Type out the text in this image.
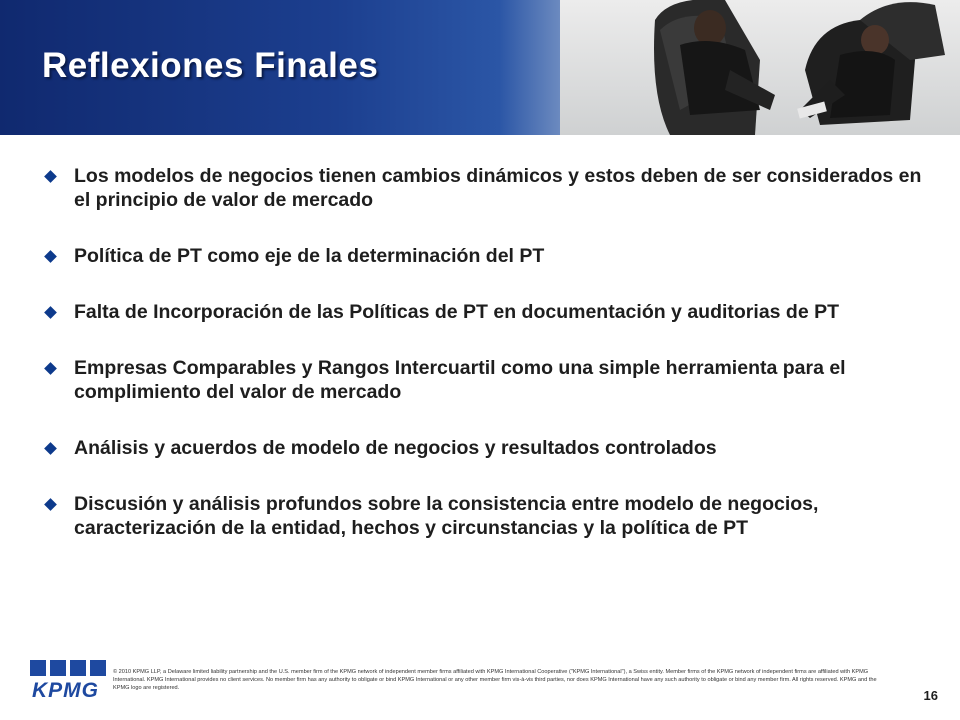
Reflexiones Finales
Los modelos de negocios tienen cambios dinámicos y estos deben de ser considerados en el principio de valor de mercado
Política de PT como eje de la determinación del PT
Falta de Incorporación de las Políticas de PT en documentación y auditorias de PT
Empresas Comparables y Rangos Intercuartil como una simple herramienta para el complimiento del valor de mercado
Análisis y acuerdos de modelo de negocios y resultados controlados
Discusión y análisis profundos sobre la consistencia entre modelo de negocios, caracterización de la entidad, hechos y circunstancias y la política de PT
KPMG
© 2010 KPMG LLP, a Delaware limited liability partnership and the U.S. member firm of the KPMG network of independent member firms affiliated with KPMG International Cooperative ("KPMG International"), a Swiss entity. Member firms of the KPMG network of independent firms are affiliated with KPMG International. KPMG International provides no client services. No member firm has any authority to obligate or bind KPMG International or any other member firm vis-à-vis third parties, nor does KPMG International have any such authority to obligate or bind any member firm. All rights reserved. KPMG and the KPMG logo are registered.	16
